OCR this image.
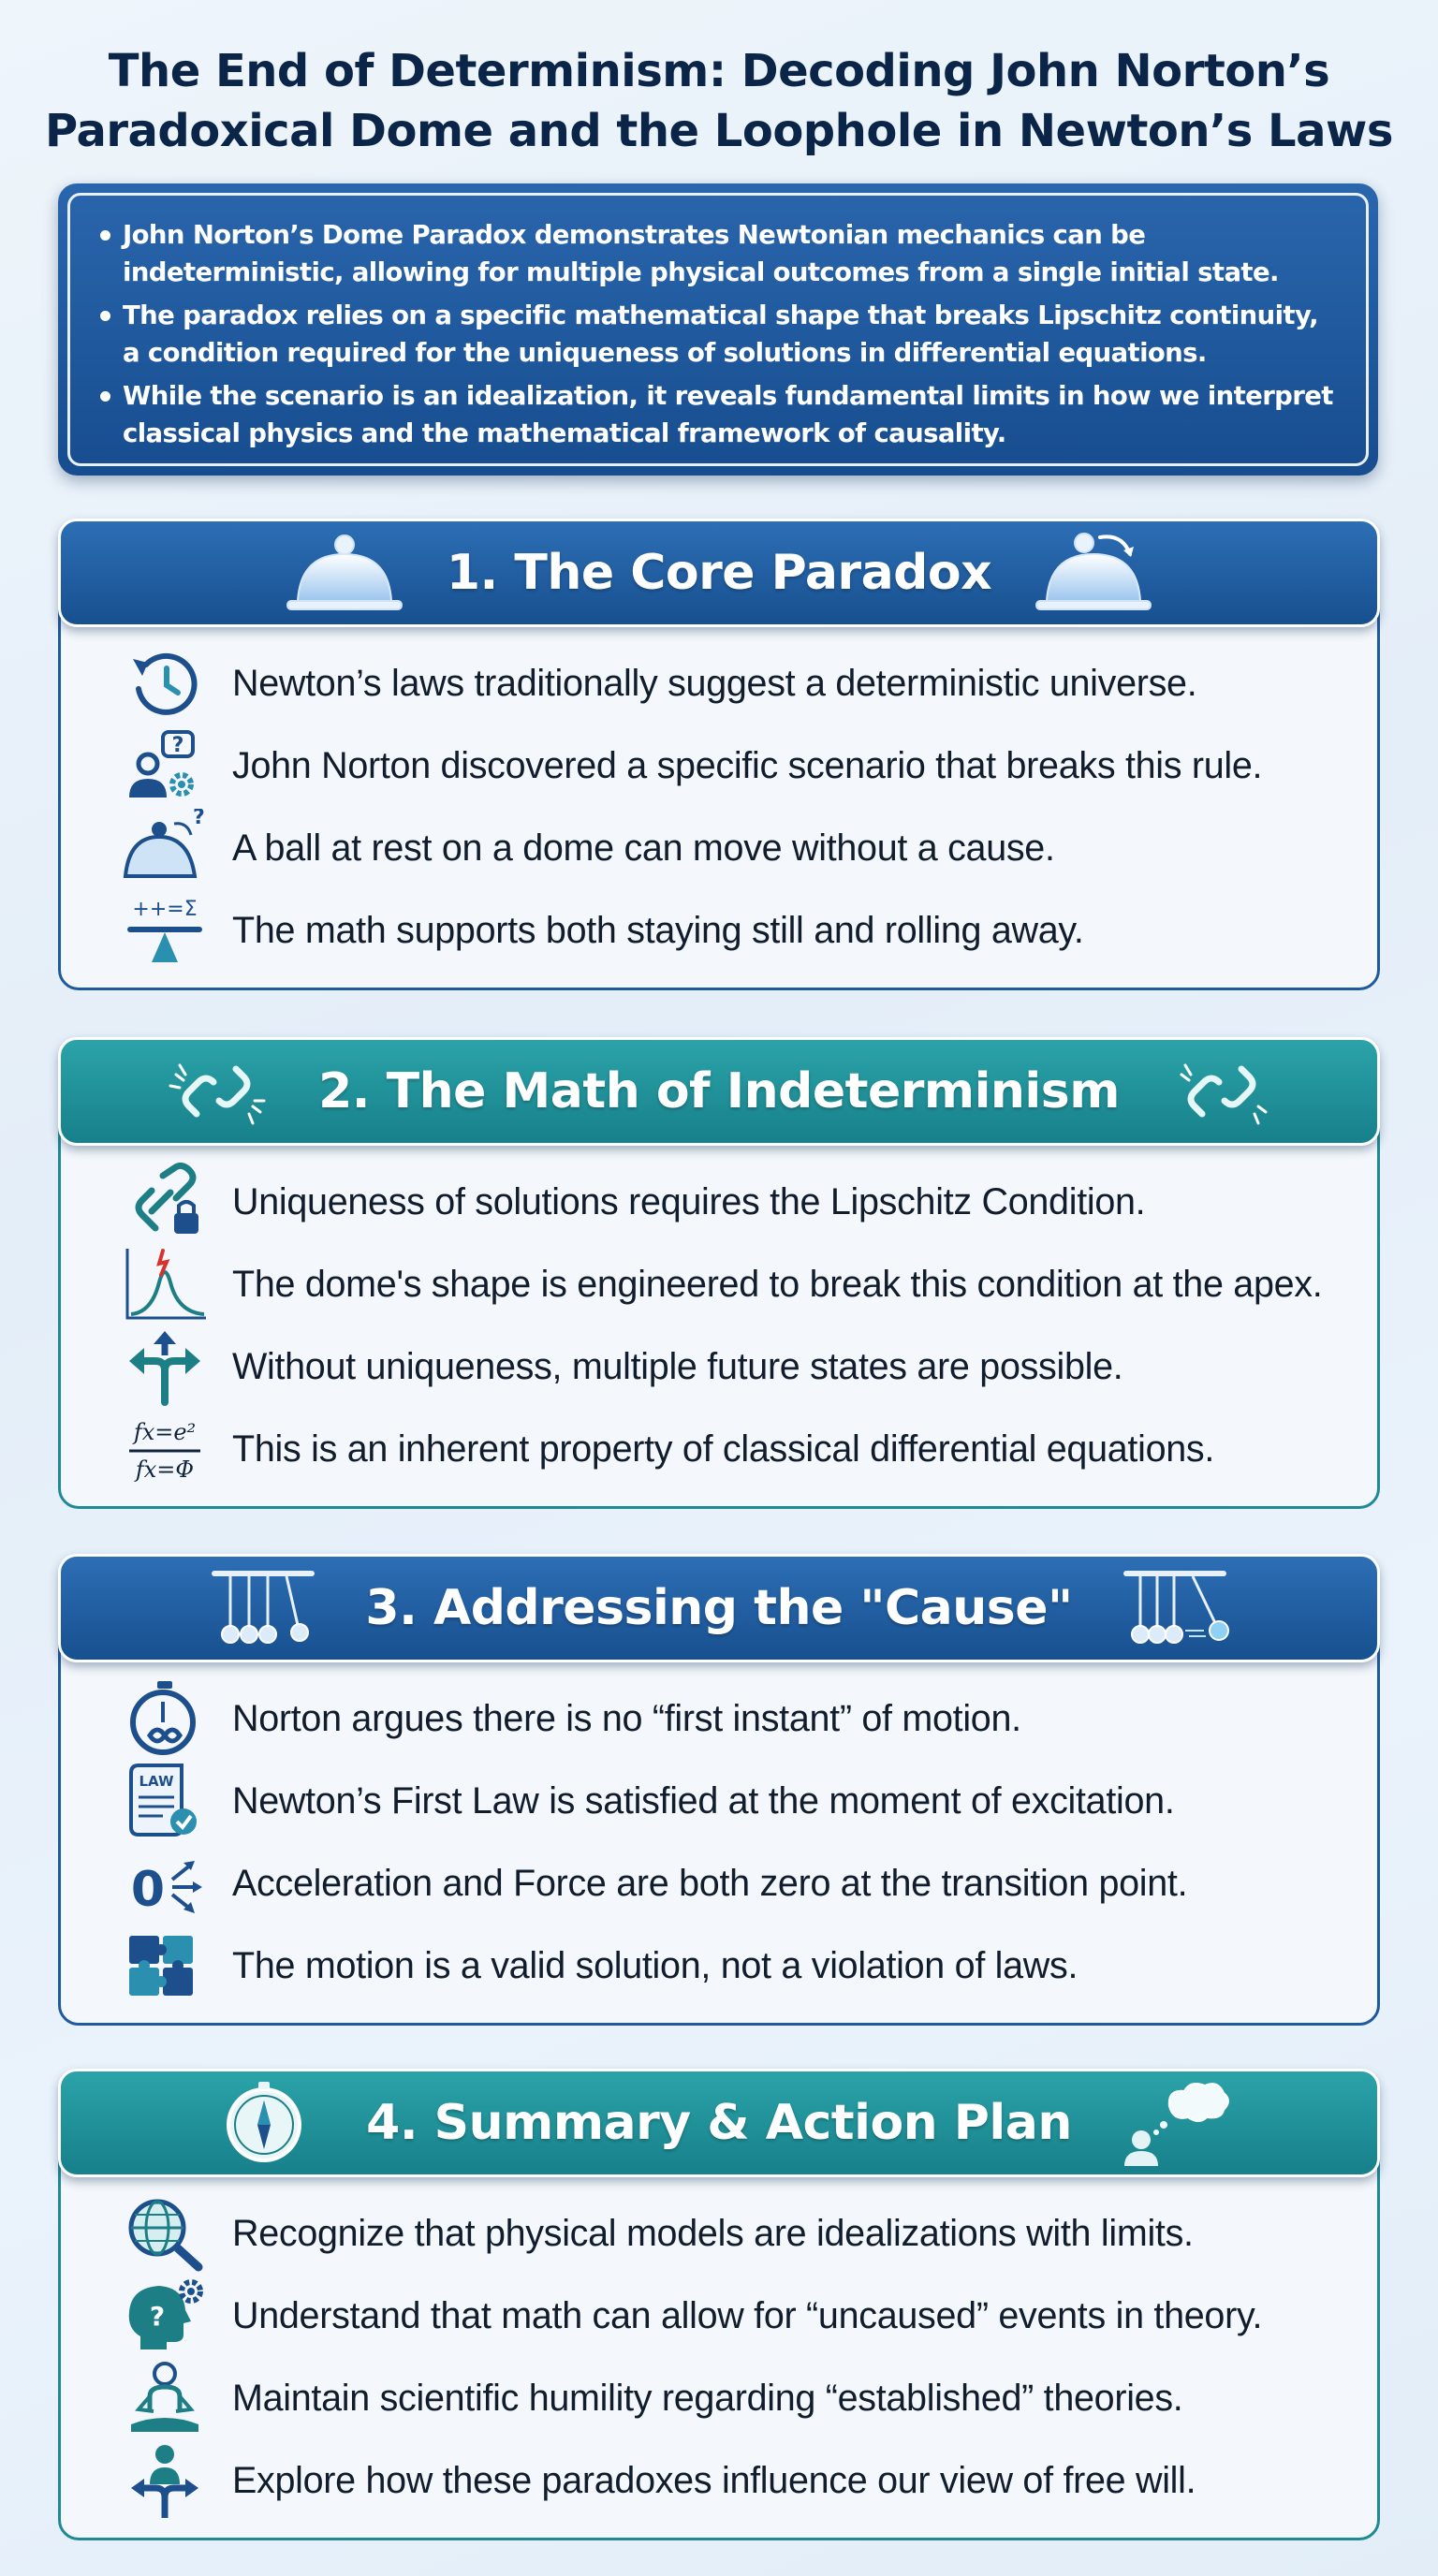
The End of Determinism: Decoding John Norton’s
Paradoxical Dome and the Loophole in Newton’s Laws
John Norton’s Dome Paradox demonstrates Newtonian mechanics can be indeterministic, allowing for multiple physical outcomes from a single initial state.
The paradox relies on a specific mathematical shape that breaks Lipschitz continuity, a condition required for the uniqueness of solutions in differential equations.
While the scenario is an idealization, it reveals fundamental limits in how we interpret classical physics and the mathematical framework of causality.
1. The Core Paradox
Newton’s laws traditionally suggest a deterministic universe.
? John Norton discovered a specific scenario that breaks this rule.
?
A ball at rest on a dome can move without a cause.
++=Σ The math supports both staying still and rolling away.
2. The Math of Indeterminism
Uniqueness of solutions requires the Lipschitz Condition.
The dome's shape is engineered to break this condition at the apex.
Without uniqueness, multiple future states are possible.
fx=e²
fx=Φ
This is an inherent property of classical differential equations.
3. Addressing the "Cause"
Norton argues there is no “first instant” of motion.
LAW Newton’s First Law is satisfied at the moment of excitation.
0 Acceleration and Force are both zero at the transition point.
The motion is a valid solution, not a violation of laws.
4. Summary & Action Plan
Recognize that physical models are idealizations with limits.
? Understand that math can allow for “uncaused” events in theory.
Maintain scientific humility regarding “established” theories.
Explore how these paradoxes influence our view of free will.
